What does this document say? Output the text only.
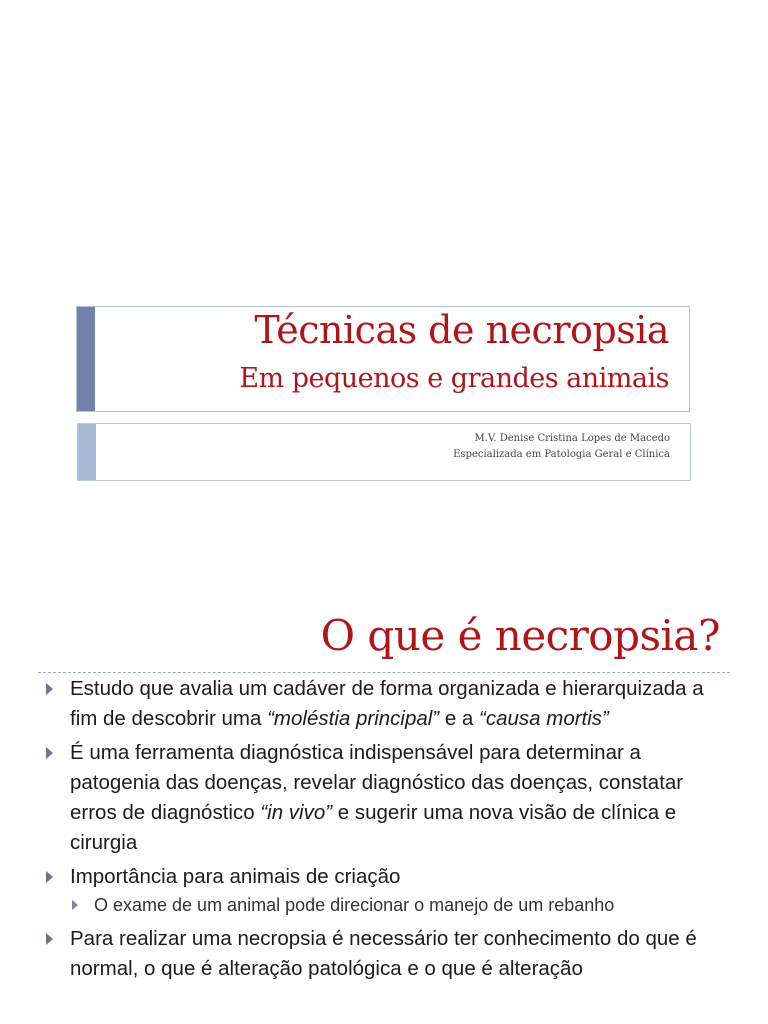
Técnicas de necropsia
Em pequenos e grandes animais
M.V. Denise Cristina Lopes de Macedo
Especializada em Patologia Geral e Clínica
O que é necropsia?
Estudo que avalia um cadáver de forma organizada e hierarquizada a fim de descobrir uma “moléstia principal” e a “causa mortis”
É uma ferramenta diagnóstica indispensável para determinar a patogenia das doenças, revelar diagnóstico das doenças, constatar erros de diagnóstico “in vivo” e sugerir uma nova visão de clínica e cirurgia
Importância para animais de criação
O exame de um animal pode direcionar o manejo de um rebanho
Para realizar uma necropsia é necessário ter conhecimento do que é normal, o que é alteração patológica e o que é alteração
